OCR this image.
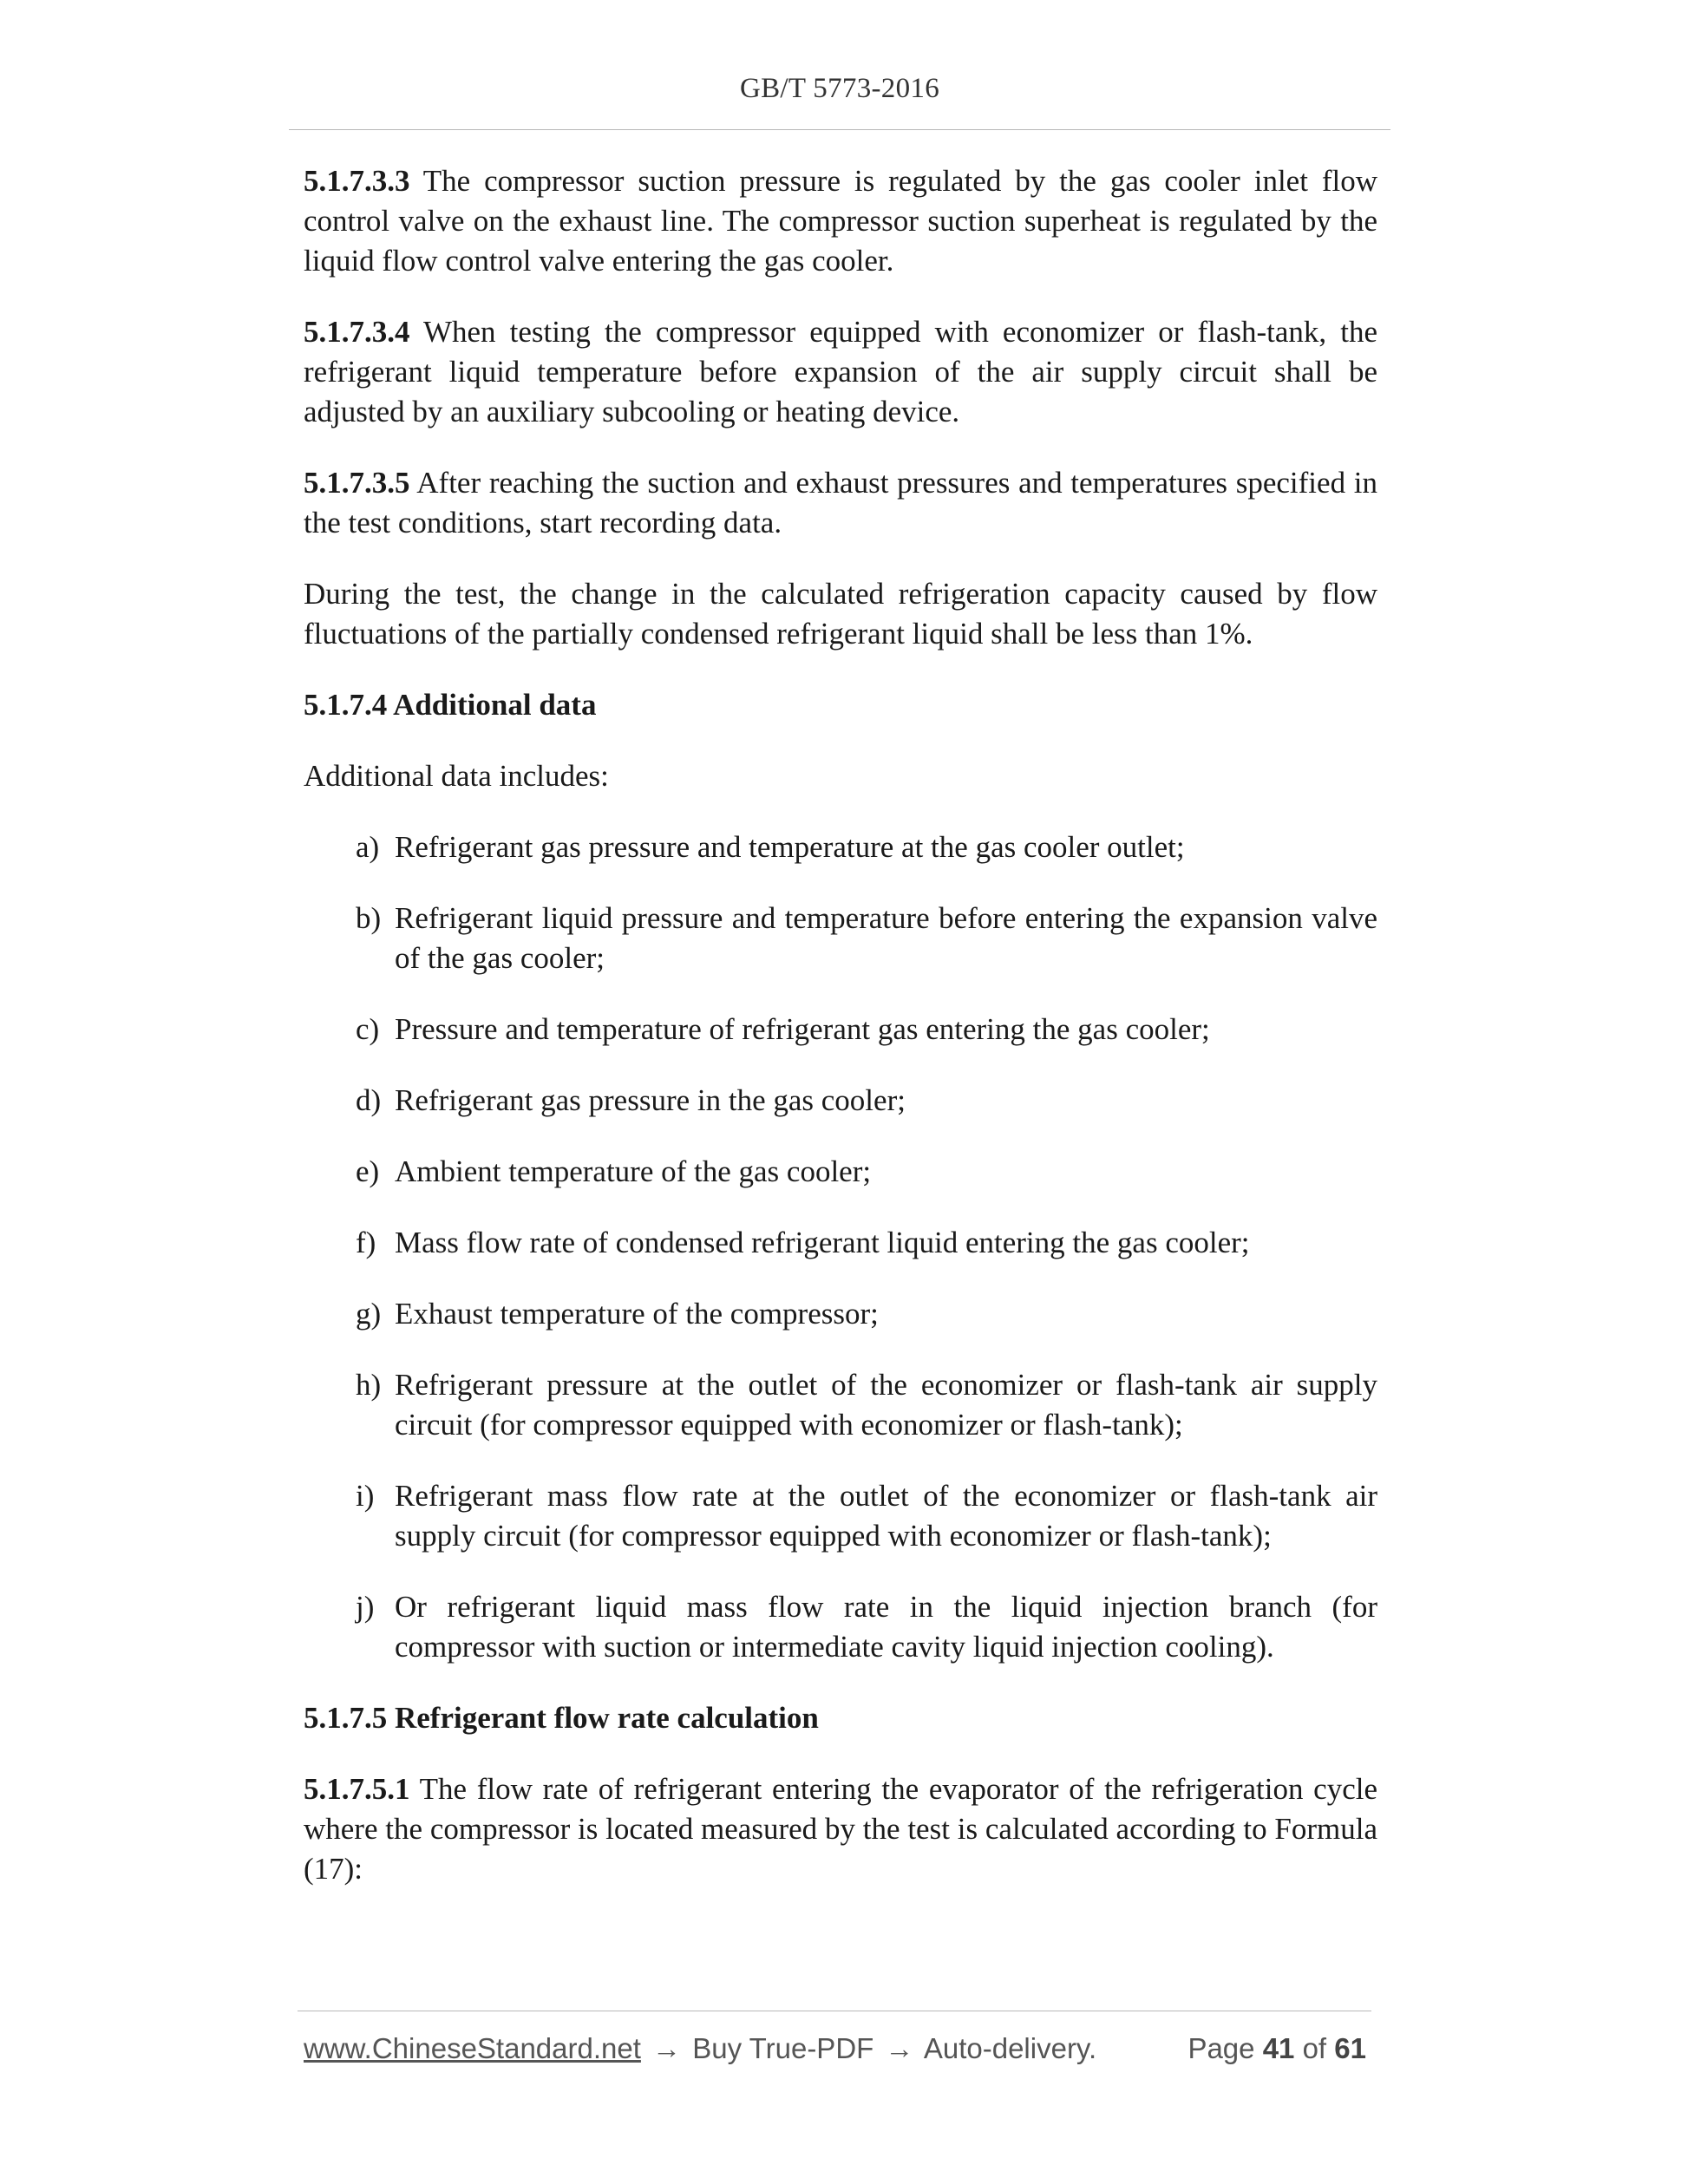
GB/T 5773-2016

5.1.7.3.3 The compressor suction pressure is regulated by the gas cooler inlet flow control valve on the exhaust line. The compressor suction superheat is regulated by the liquid flow control valve entering the gas cooler.

5.1.7.3.4 When testing the compressor equipped with economizer or flash-tank, the refrigerant liquid temperature before expansion of the air supply circuit shall be adjusted by an auxiliary subcooling or heating device.

5.1.7.3.5 After reaching the suction and exhaust pressures and temperatures specified in the test conditions, start recording data.

During the test, the change in the calculated refrigeration capacity caused by flow fluctuations of the partially condensed refrigerant liquid shall be less than 1%.

5.1.7.4 Additional data

Additional data includes:

a) Refrigerant gas pressure and temperature at the gas cooler outlet;
b) Refrigerant liquid pressure and temperature before entering the expansion valve of the gas cooler;
c) Pressure and temperature of refrigerant gas entering the gas cooler;
d) Refrigerant gas pressure in the gas cooler;
e) Ambient temperature of the gas cooler;
f) Mass flow rate of condensed refrigerant liquid entering the gas cooler;
g) Exhaust temperature of the compressor;
h) Refrigerant pressure at the outlet of the economizer or flash-tank air supply circuit (for compressor equipped with economizer or flash-tank);
i) Refrigerant mass flow rate at the outlet of the economizer or flash-tank air supply circuit (for compressor equipped with economizer or flash-tank);
j) Or refrigerant liquid mass flow rate in the liquid injection branch (for compressor with suction or intermediate cavity liquid injection cooling).

5.1.7.5 Refrigerant flow rate calculation

5.1.7.5.1 The flow rate of refrigerant entering the evaporator of the refrigeration cycle where the compressor is located measured by the test is calculated according to Formula (17):

www.ChineseStandard.net → Buy True-PDF → Auto-delivery.	Page 41 of 61
